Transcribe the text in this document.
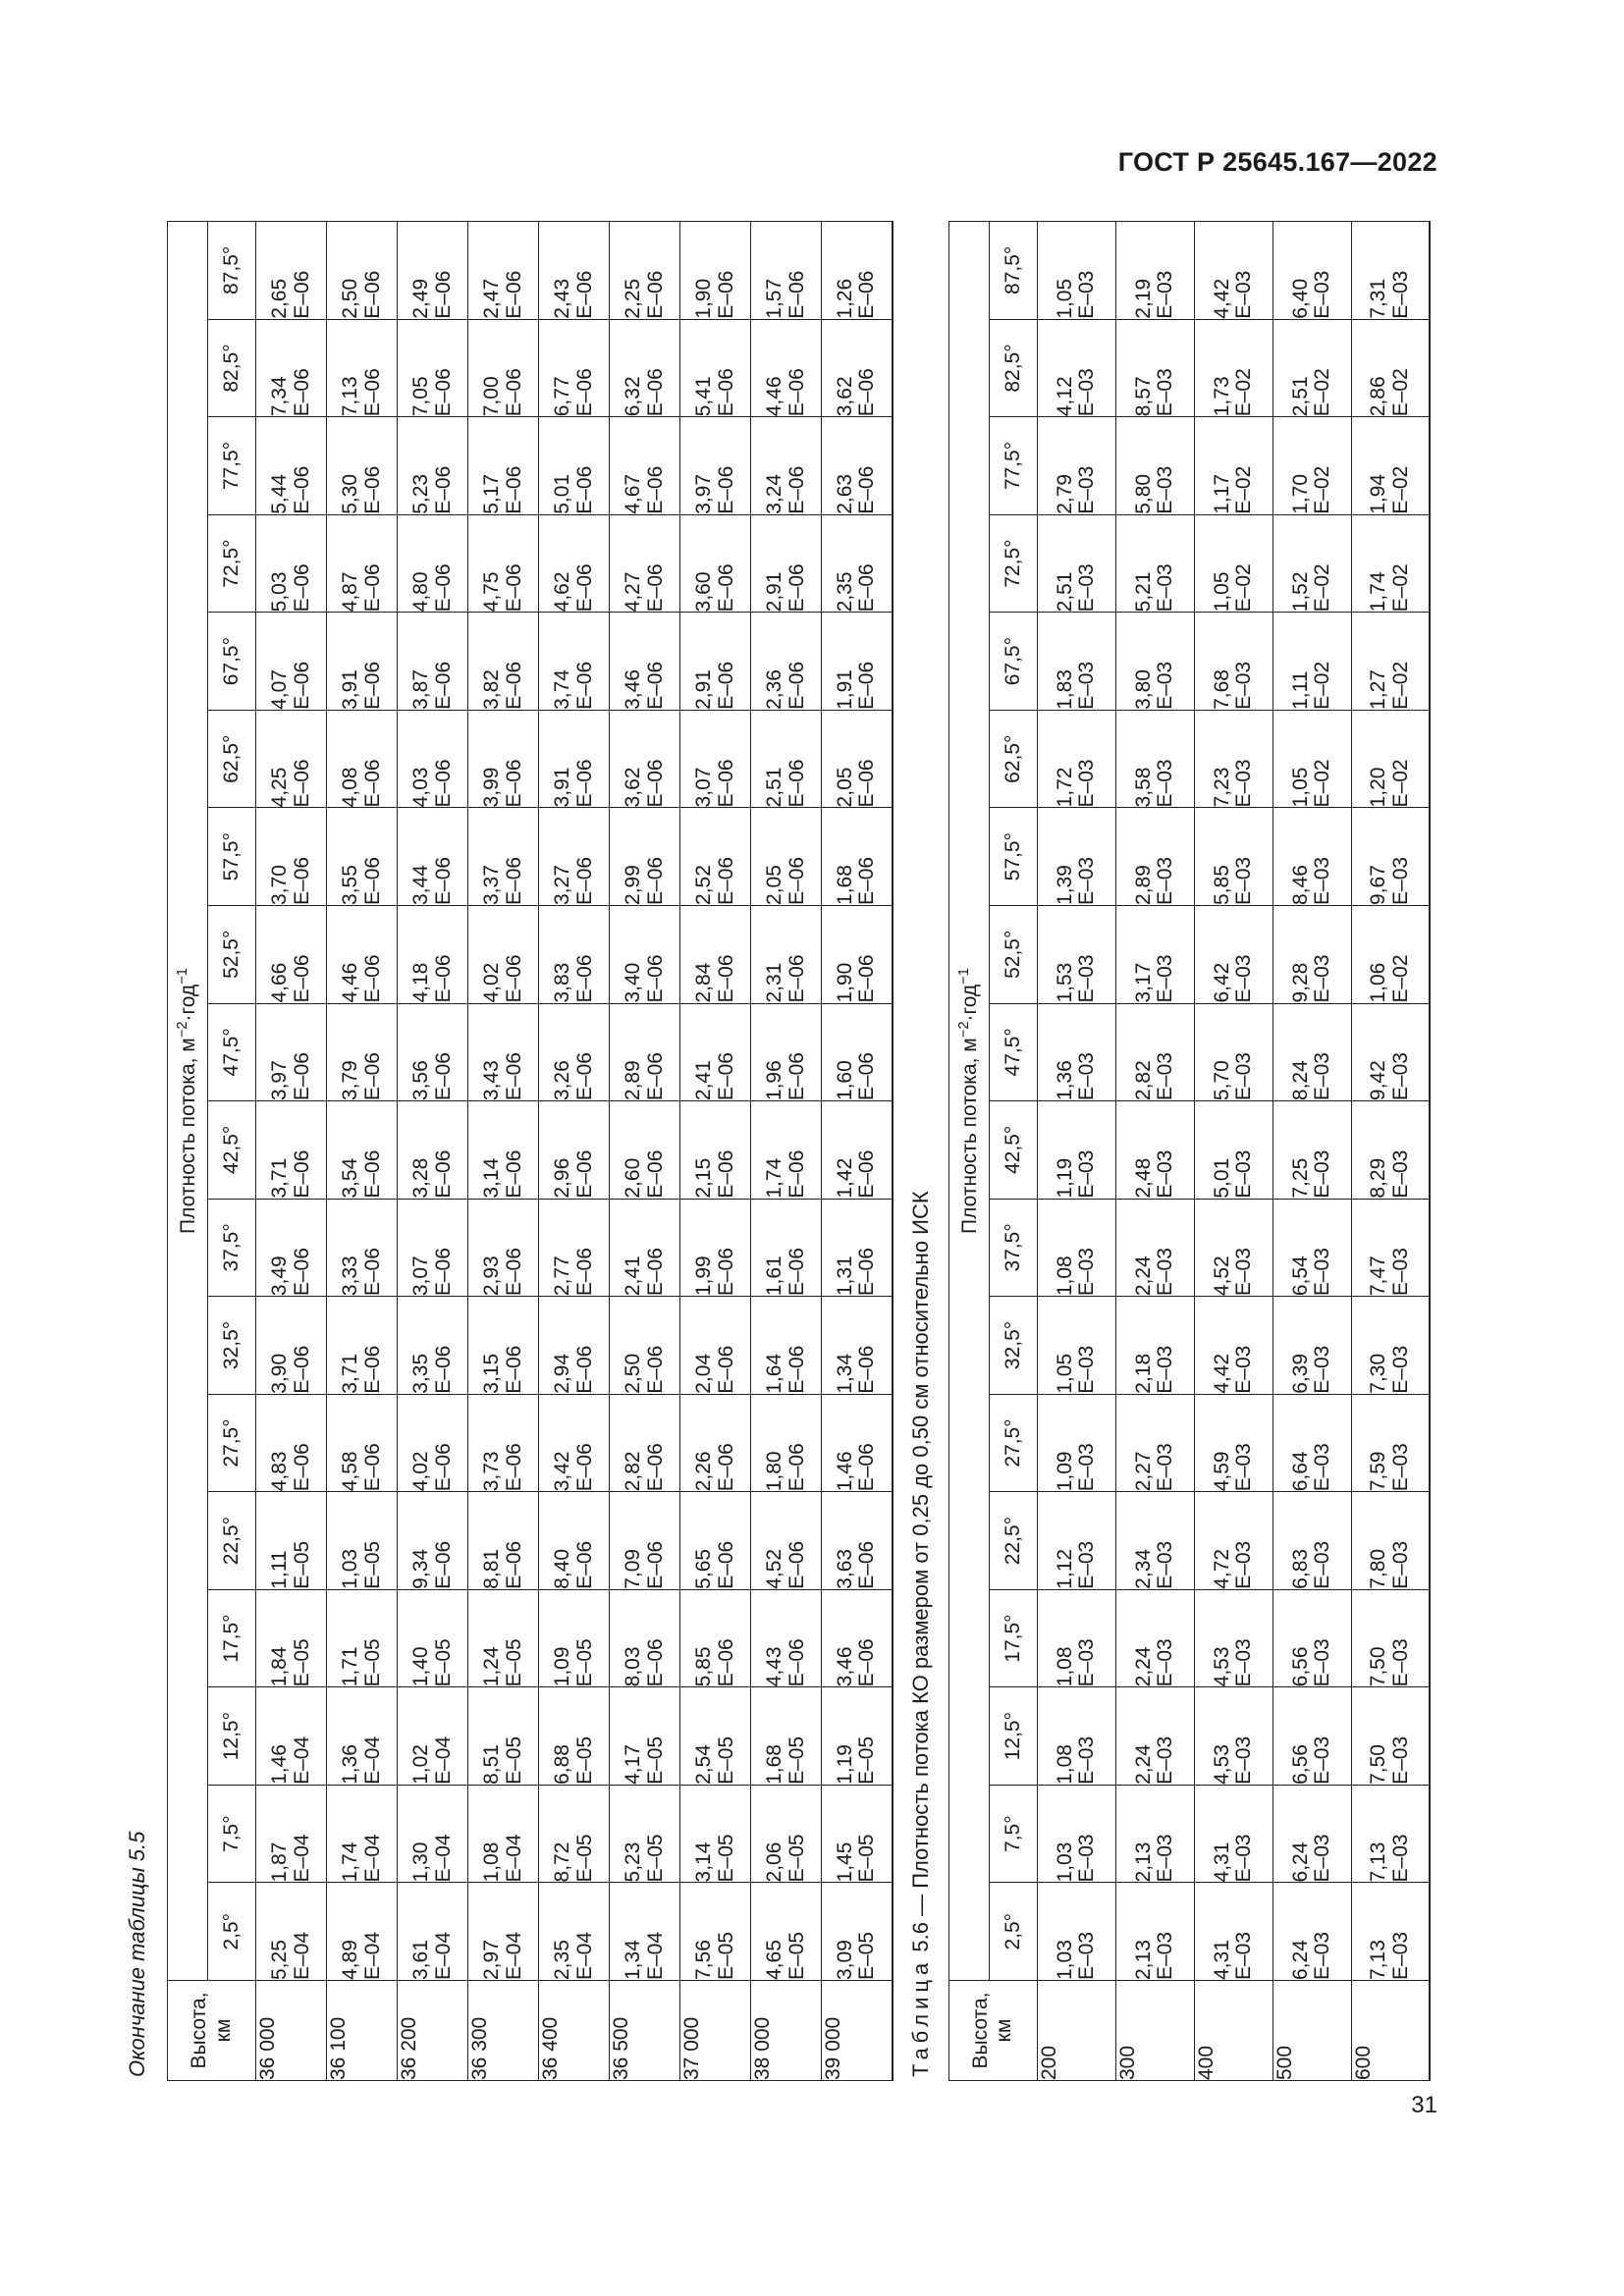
ГОСТ Р 25645.167—2022
Окончание таблицы 5.5	Высота, км	Плотность потока, $м^{-2}\cdot год^{-1}$
	2,5°	7,5°	12,5°	17,5°	22,5°	27,5°	32,5°	37,5°	42,5°	47,5°	52,5°	57,5°	62,5°	67,5°	72,5°	77,5°	82,5°	87,5°
36 000	5,25 E–04	1,87 E–04	1,46 E–04	1,84 E–05	1,11 E–05	4,83 E–06	3,90 E–06	3,49 E–06	3,71 E–06	3,97 E–06	4,66 E–06	3,70 E–06	4,25 E–06	4,07 E–06	5,03 E–06	5,44 E–06	7,34 E–06	2,65 E–06

36 100	4,89 E–04	1,74 E–04	1,36 E–04	1,71 E–05	1,03 E–05	4,58 E–06	3,71 E–06	3,33 E–06	3,54 E–06	3,79 E–06	4,46 E–06	3,55 E–06	4,08 E–06	3,91 E–06	4,87 E–06	5,30 E–06	7,13 E–06	2,50 E–06

36 200	3,61 E–04	1,30 E–04	1,02 E–04	1,40 E–05	9,34 E–06	4,02 E–06	3,35 E–06	3,07 E–06	3,28 E–06	3,56 E–06	4,18 E–06	3,44 E–06	4,03 E–06	3,87 E–06	4,80 E–06	5,23 E–06	7,05 E–06	2,49 E–06

36 300	2,97 E–04	1,08 E–04	8,51 E–05	1,24 E–05	8,81 E–06	3,73 E–06	3,15 E–06	2,93 E–06	3,14 E–06	3,43 E–06	4,02 E–06	3,37 E–06	3,99 E–06	3,82 E–06	4,75 E–06	5,17 E–06	7,00 E–06	2,47 E–06

36 400	2,35 E–04	8,72 E–05	6,88 E–05	1,09 E–05	8,40 E–06	3,42 E–06	2,94 E–06	2,77 E–06	2,96 E–06	3,26 E–06	3,83 E–06	3,27 E–06	3,91 E–06	3,74 E–06	4,62 E–06	5,01 E–06	6,77 E–06	2,43 E–06

36 500	1,34 E–04	5,23 E–05	4,17 E–05	8,03 E–06	7,09 E–06	2,82 E–06	2,50 E–06	2,41 E–06	2,60 E–06	2,89 E–06	3,40 E–06	2,99 E–06	3,62 E–06	3,46 E–06	4,27 E–06	4,67 E–06	6,32 E–06	2,25 E–06

37 000	7,56 E–05	3,14 E–05	2,54 E–05	5,85 E–06	5,65 E–06	2,26 E–06	2,04 E–06	1,99 E–06	2,15 E–06	2,41 E–06	2,84 E–06	2,52 E–06	3,07 E–06	2,91 E–06	3,60 E–06	3,97 E–06	5,41 E–06	1,90 E–06

38 000	4,65 E–05	2,06 E–05	1,68 E–05	4,43 E–06	4,52 E–06	1,80 E–06	1,64 E–06	1,61 E–06	1,74 E–06	1,96 E–06	2,31 E–06	2,05 E–06	2,51 E–06	2,36 E–06	2,91 E–06	3,24 E–06	4,46 E–06	1,57 E–06

39 000	3,09 E–05	1,45 E–05	1,19 E–05	3,46 E–06	3,63 E–06	1,46 E–06	1,34 E–06	1,31 E–06	1,42 E–06	1,60 E–06	1,90 E–06	1,68 E–06	2,05 E–06	1,91 E–06	2,35 E–06	2,63 E–06	3,62 E–06	1,26 E–06
Таблица 5.6 — Плотность потока КО размером от 0,25 до 0,50 см относительно ИСК
Высота, км	Плотность потока, $м^{-2}\cdot год^{-1}$
	2,5°	7,5°	12,5°	17,5°	22,5°	27,5°	32,5°	37,5°	42,5°	47,5°	52,5°	57,5°	62,5°	67,5°	72,5°	77,5°	82,5°	87,5°
200	1,03 E–03	1,03 E–03	1,08 E–03	1,08 E–03	1,12 E–03	1,09 E–03	1,05 E–03	1,08 E–03	1,19 E–03	1,36 E–03	1,53 E–03	1,39 E–03	1,72 E–03	1,83 E–03	2,51 E–03	2,79 E–03	4,12 E–03	1,05 E–03

300	2,13 E–03	2,13 E–03	2,24 E–03	2,24 E–03	2,34 E–03	2,27 E–03	2,18 E–03	2,24 E–03	2,48 E–03	2,82 E–03	3,17 E–03	2,89 E–03	3,58 E–03	3,80 E–03	5,21 E–03	5,80 E–03	8,57 E–03	2,19 E–03

400	4,31 E–03	4,31 E–03	4,53 E–03	4,53 E–03	4,72 E–03	4,59 E–03	4,42 E–03	4,52 E–03	5,01 E–03	5,70 E–03	6,42 E–03	5,85 E–03	7,23 E–03	7,68 E–03	1,05 E–02	1,17 E–02	1,73 E–02	4,42 E–03

500	6,24 E–03	6,24 E–03	6,56 E–03	6,56 E–03	6,83 E–03	6,64 E–03	6,39 E–03	6,54 E–03	7,25 E–03	8,24 E–03	9,28 E–03	8,46 E–03	1,05 E–02	1,11 E–02	1,52 E–02	1,70 E–02	2,51 E–02	6,40 E–03

600	7,13 E–03	7,13 E–03	7,50 E–03	7,50 E–03	7,80 E–03	7,59 E–03	7,30 E–03	7,47 E–03	8,29 E–03	9,42 E–03	1,06 E–02	9,67 E–03	1,20 E–02	1,27 E–02	1,74 E–02	1,94 E–02	2,86 E–02	7,31 E–03
31
